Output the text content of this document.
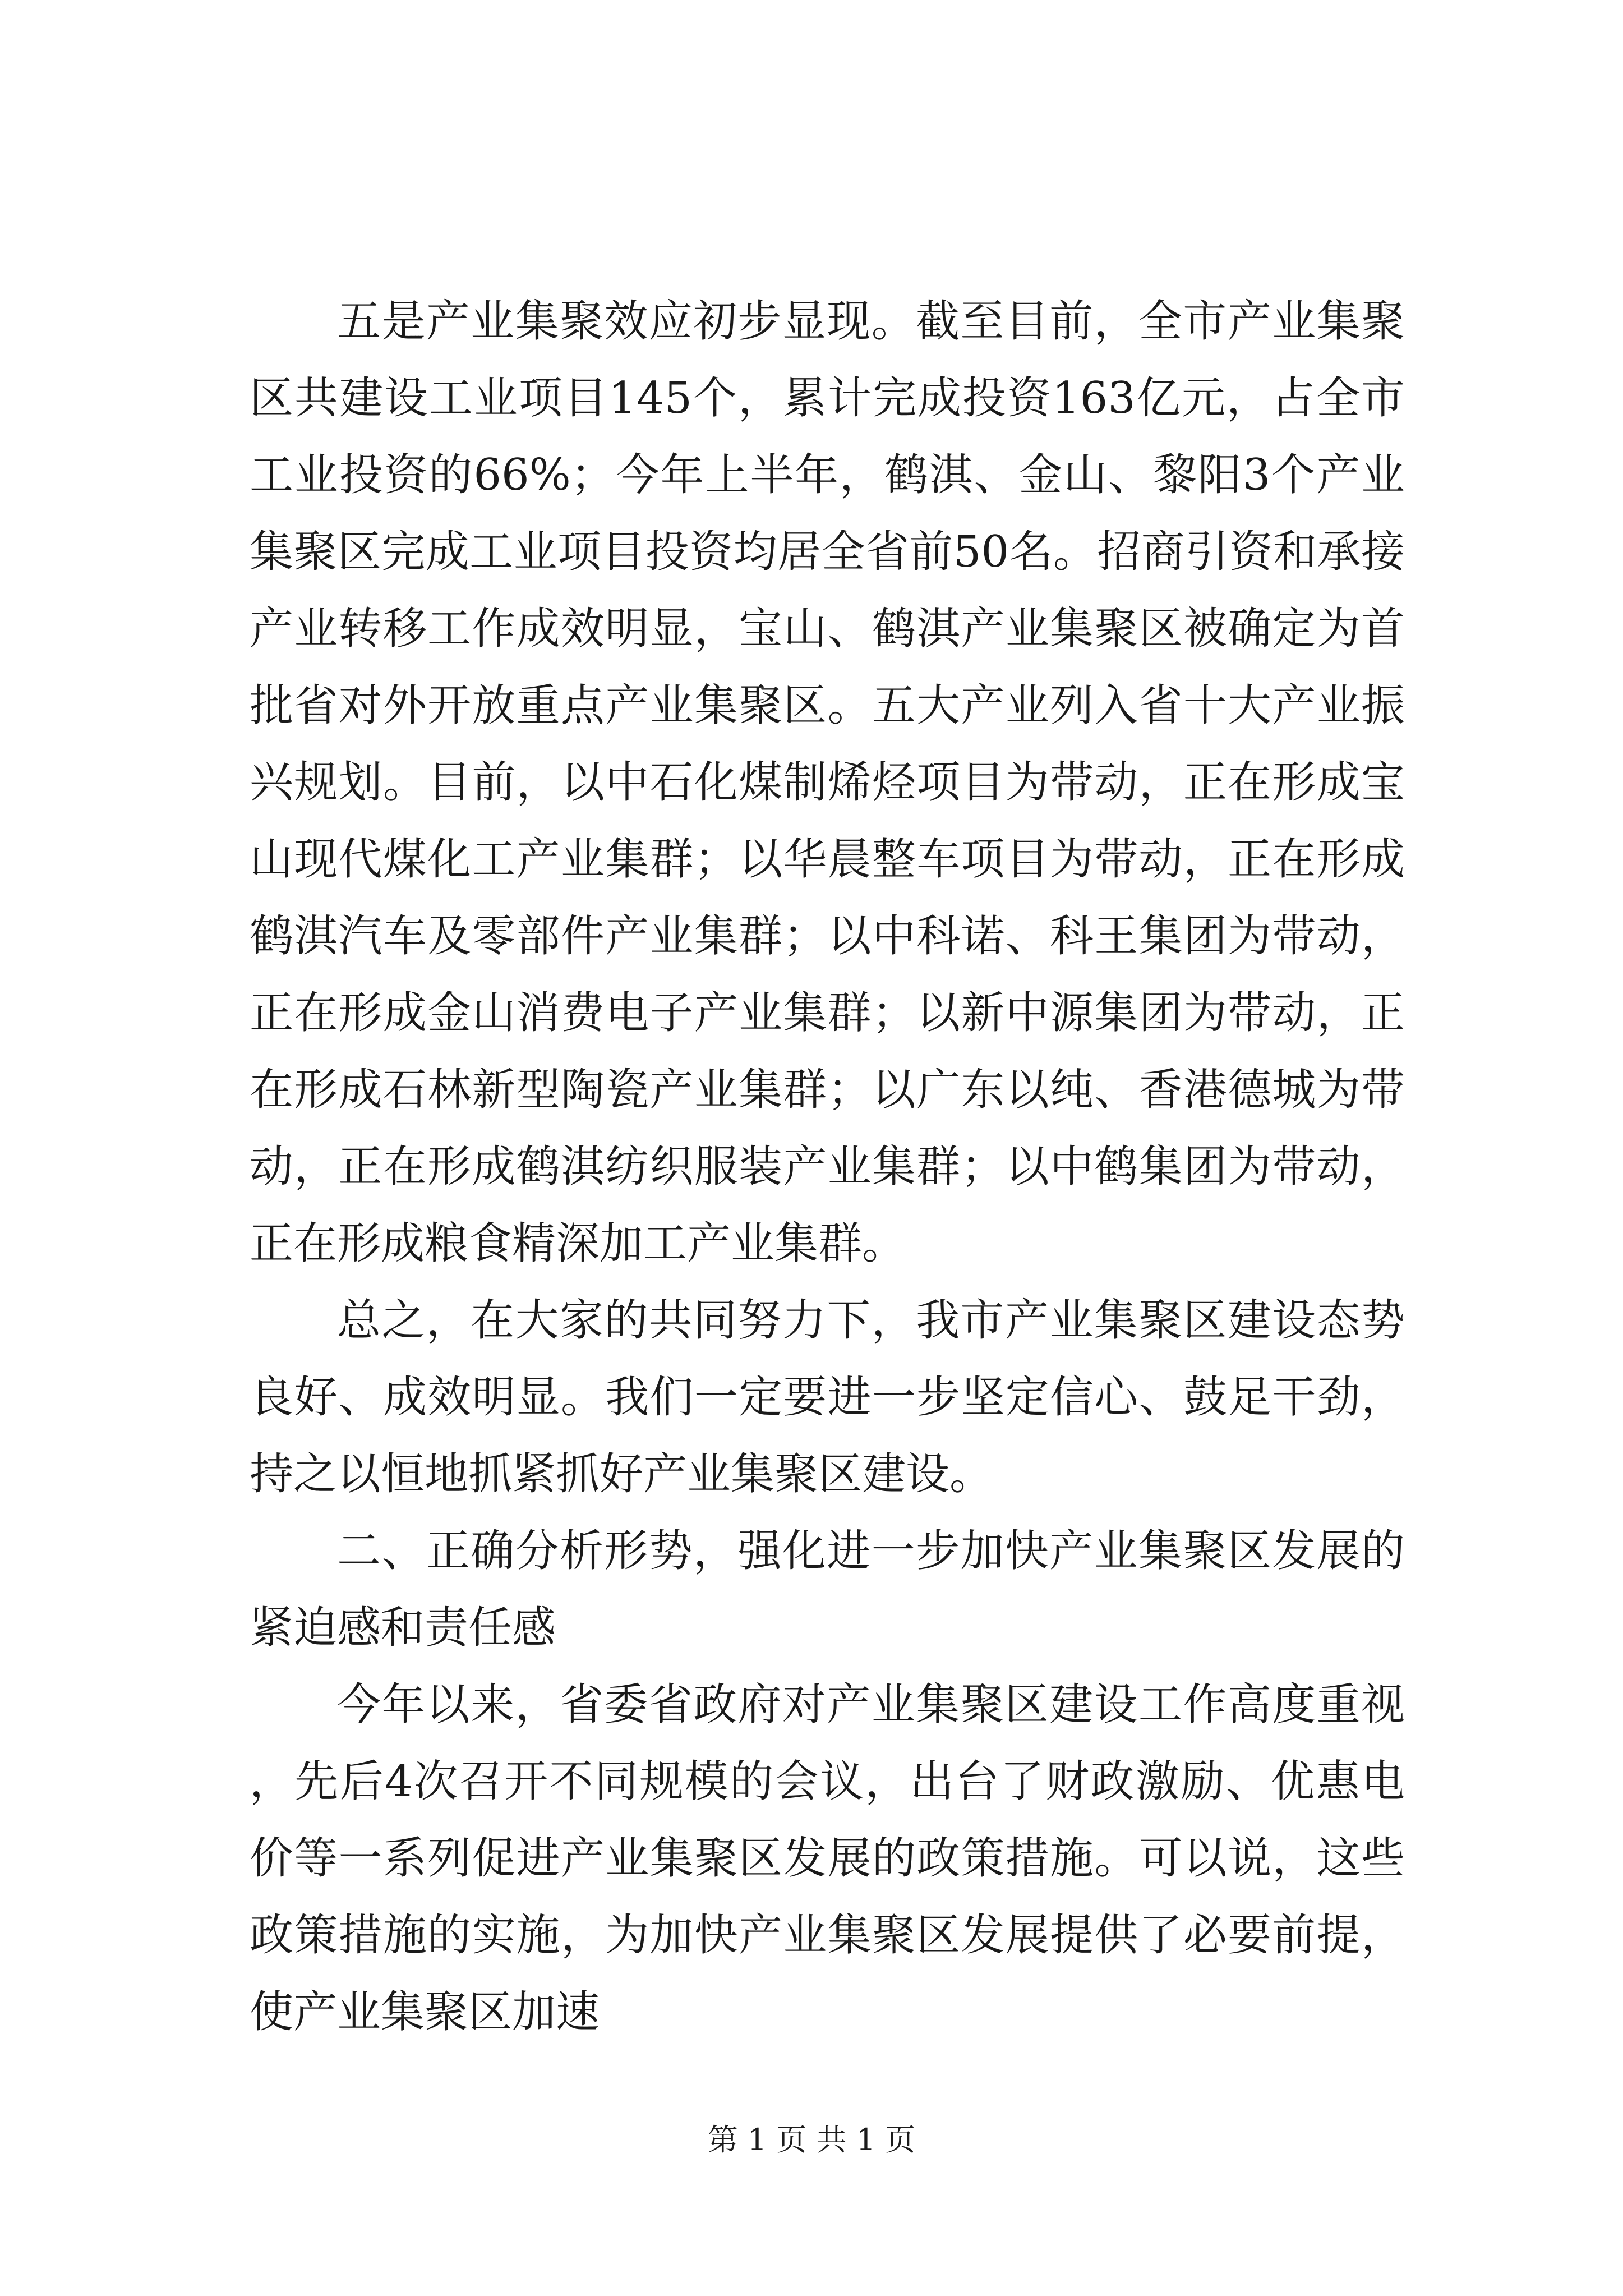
五是产业集聚效应初步显现。截至目前，全市产业集聚区共建设工业项目145个，累计完成投资163亿元，占全市工业投资的66%；今年上半年，鹤淇、金山、黎阳3个产业集聚区完成工业项目投资均居全省前50名。招商引资和承接产业转移工作成效明显，宝山、鹤淇产业集聚区被确定为首批省对外开放重点产业集聚区。五大产业列入省十大产业振兴规划。目前，以中石化煤制烯烃项目为带动，正在形成宝山现代煤化工产业集群；以华晨整车项目为带动，正在形成鹤淇汽车及零部件产业集群；以中科诺、科王集团为带动，正在形成金山消费电子产业集群；以新中源集团为带动，正在形成石林新型陶瓷产业集群；以广东以纯、香港德城为带动，正在形成鹤淇纺织服装产业集群；以中鹤集团为带动，正在形成粮食精深加工产业集群。

总之，在大家的共同努力下，我市产业集聚区建设态势良好、成效明显。我们一定要进一步坚定信心、鼓足干劲，持之以恒地抓紧抓好产业集聚区建设。

二、正确分析形势，强化进一步加快产业集聚区发展的紧迫感和责任感

今年以来，省委省政府对产业集聚区建设工作高度重视，先后4次召开不同规模的会议，出台了财政激励、优惠电价等一系列促进产业集聚区发展的政策措施。可以说，这些政策措施的实施，为加快产业集聚区发展提供了必要前提，使产业集聚区加速

第 1 页 共 1 页
